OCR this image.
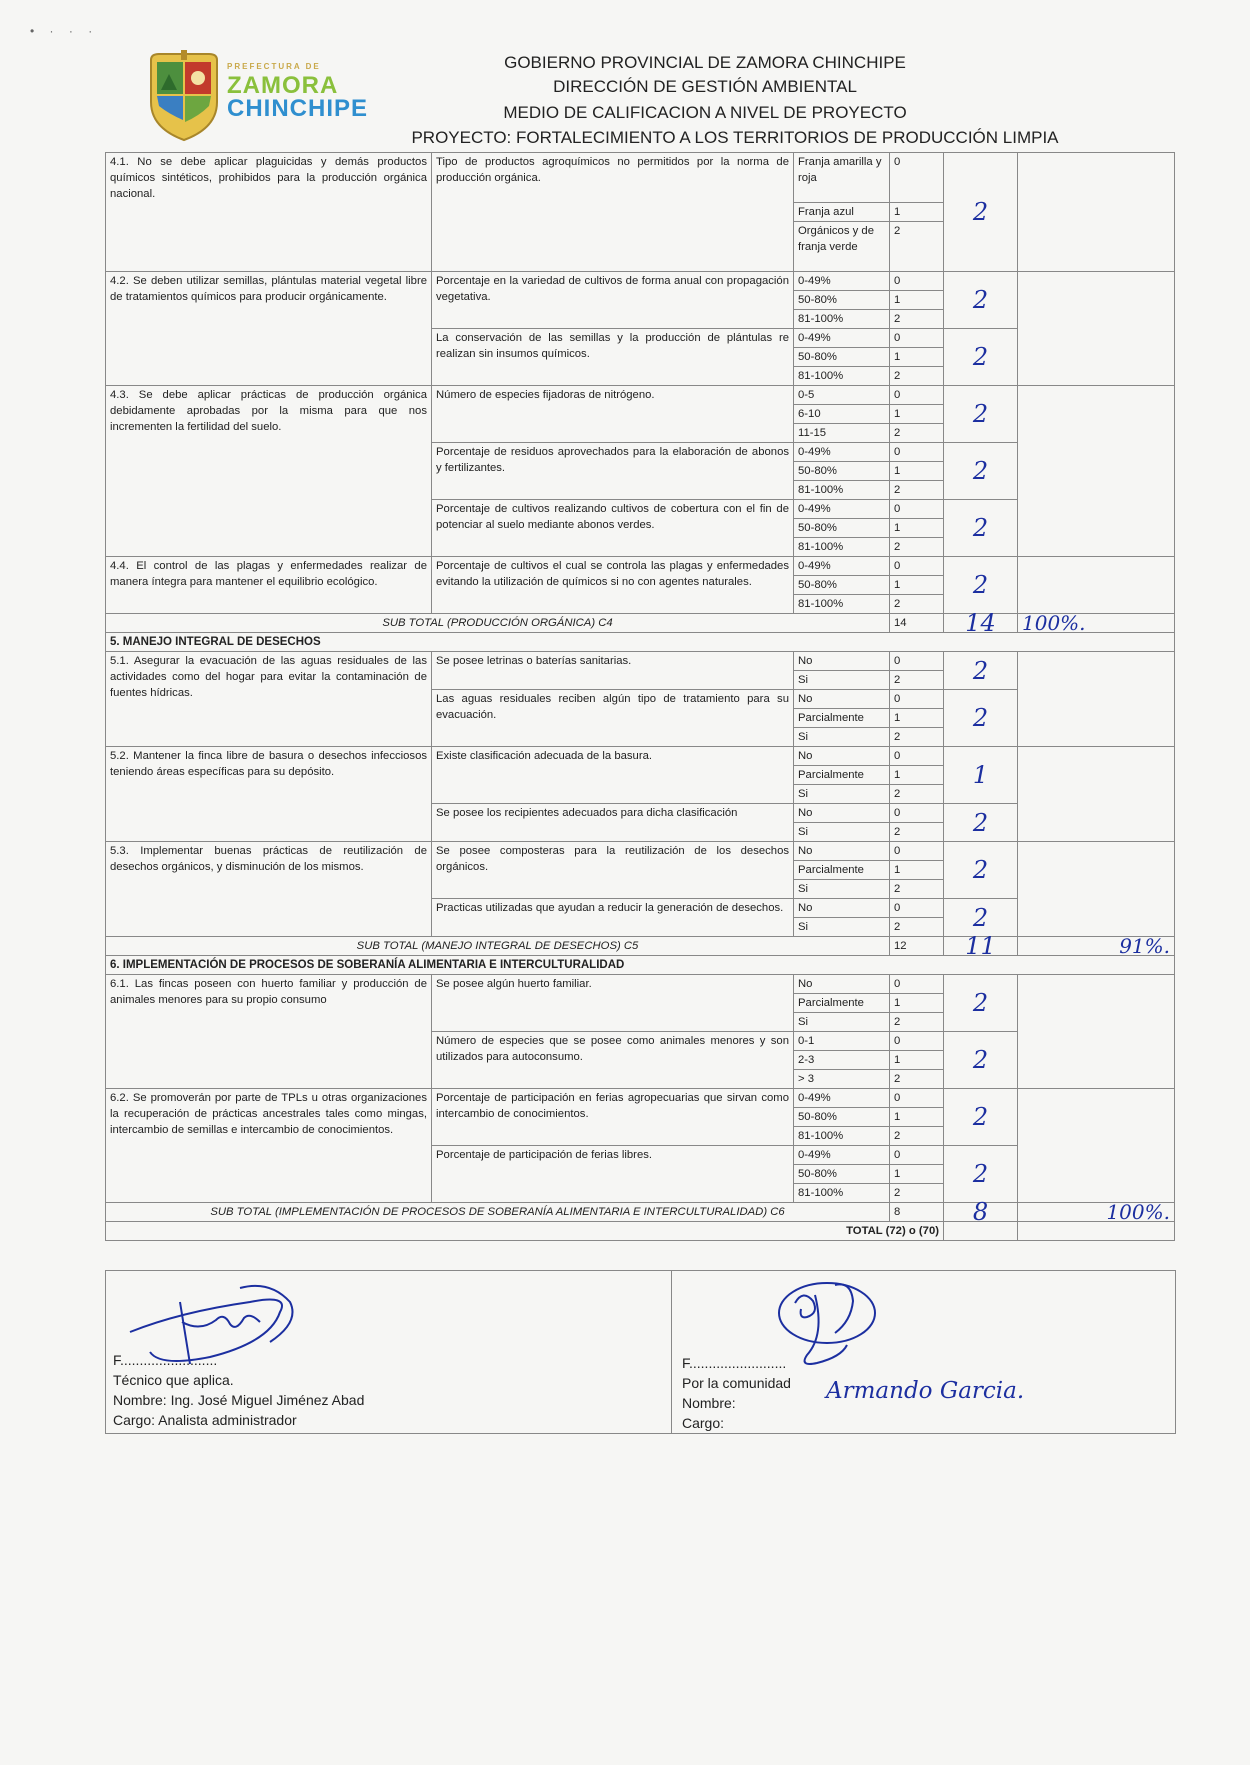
• · · ·
PREFECTURA DE
ZAMORA
CHINCHIPE
GOBIERNO PROVINCIAL DE ZAMORA CHINCHIPE
DIRECCIÓN DE GESTIÓN AMBIENTAL
MEDIO DE CALIFICACION A NIVEL DE PROYECTO
PROYECTO: FORTALECIMIENTO A LOS TERRITORIOS DE PRODUCCIÓN LIMPIA
4.1. No se debe aplicar plaguicidas y demás productos químicos sintéticos, prohibidos para la producción orgánica nacional.	Tipo de productos agroquímicos no permitidos por la norma de producción orgánica.	Franja amarilla y roja	0	2	
		Franja azul	1		
		Orgánicos y de franja verde	2		
4.2. Se deben utilizar semillas, plántulas material vegetal libre de tratamientos químicos para producir orgánicamente.	Porcentaje en la variedad de cultivos de forma anual con propagación vegetativa.	0-49%	0	2	
		50-80%	1		
		81-100%	2		
	La conservación de las semillas y la producción de plántulas re realizan sin insumos químicos.	0-49%	0	2	
		50-80%	1		
		81-100%	2		
4.3. Se debe aplicar prácticas de producción orgánica debidamente aprobadas por la misma para que nos incrementen la fertilidad del suelo.	Número de especies fijadoras de nitrógeno.	0-5	0	2	
		6-10	1		
		11-15	2		
	Porcentaje de residuos aprovechados para la elaboración de abonos y fertilizantes.	0-49%	0	2	
		50-80%	1		
		81-100%	2		
	Porcentaje de cultivos realizando cultivos de cobertura con el fin de potenciar al suelo mediante abonos verdes.	0-49%	0	2	
		50-80%	1		
		81-100%	2		
4.4. El control de las plagas y enfermedades realizar de manera íntegra para mantener el equilibrio ecológico.	Porcentaje de cultivos el cual se controla las plagas y enfermedades evitando la utilización de químicos si no con agentes naturales.	0-49%	0	2	
		50-80%	1		
		81-100%	2		
SUB TOTAL (PRODUCCIÓN ORGÁNICA) C4			14	14	100%.
5. MANEJO INTEGRAL DE DESECHOS					
5.1. Asegurar la evacuación de las aguas residuales de las actividades como del hogar para evitar la contaminación de fuentes hídricas.	Se posee letrinas o baterías sanitarias.	No	0	2	
		Si	2		
	Las aguas residuales reciben algún tipo de tratamiento para su evacuación.	No	0	2	
		Parcialmente	1		
		Si	2		
5.2. Mantener la finca libre de basura o desechos infecciosos teniendo áreas específicas para su depósito.	Existe clasificación adecuada de la basura.	No	0	1	
		Parcialmente	1		
		Si	2		
	Se posee los recipientes adecuados para dicha clasificación	No	0	2	
		Si	2		
5.3. Implementar buenas prácticas de reutilización de desechos orgánicos, y disminución de los mismos.	Se posee composteras para la reutilización de los desechos orgánicos.	No	0	2	
		Parcialmente	1		
		Si	2		
	Practicas utilizadas que ayudan a reducir la generación de desechos.	No	0	2	
		Si	2		
SUB TOTAL (MANEJO INTEGRAL DE DESECHOS) C5			12	11	91%.
6. IMPLEMENTACIÓN DE PROCESOS DE SOBERANÍA ALIMENTARIA E INTERCULTURALIDAD					
6.1. Las fincas poseen con huerto familiar y producción de animales menores para su propio consumo	Se posee algún huerto familiar.	No	0	2	
		Parcialmente	1		
		Si	2		
	Número de especies que se posee como animales menores y son utilizados para autoconsumo.	0-1	0	2	
		2-3	1		
		> 3	2		
6.2. Se promoverán por parte de TPLs u otras organizaciones la recuperación de prácticas ancestrales tales como mingas, intercambio de semillas e intercambio de conocimientos.	Porcentaje de participación en ferias agropecuarias que sirvan como intercambio de conocimientos.	0-49%	0	2	
		50-80%	1		
		81-100%	2		
	Porcentaje de participación de ferias libres.	0-49%	0	2	
		50-80%	1		
		81-100%	2		
SUB TOTAL (IMPLEMENTACIÓN DE PROCESOS DE SOBERANÍA ALIMENTARIA E INTERCULTURALIDAD) C6			8	8	100%.
TOTAL (72) o (70)					
F.........................
Técnico que aplica.
Nombre: Ing. José Miguel Jiménez Abad
Cargo: Analista administrador
F.........................
Por la comunidad
Nombre:
Cargo:
Armando Garcia.
